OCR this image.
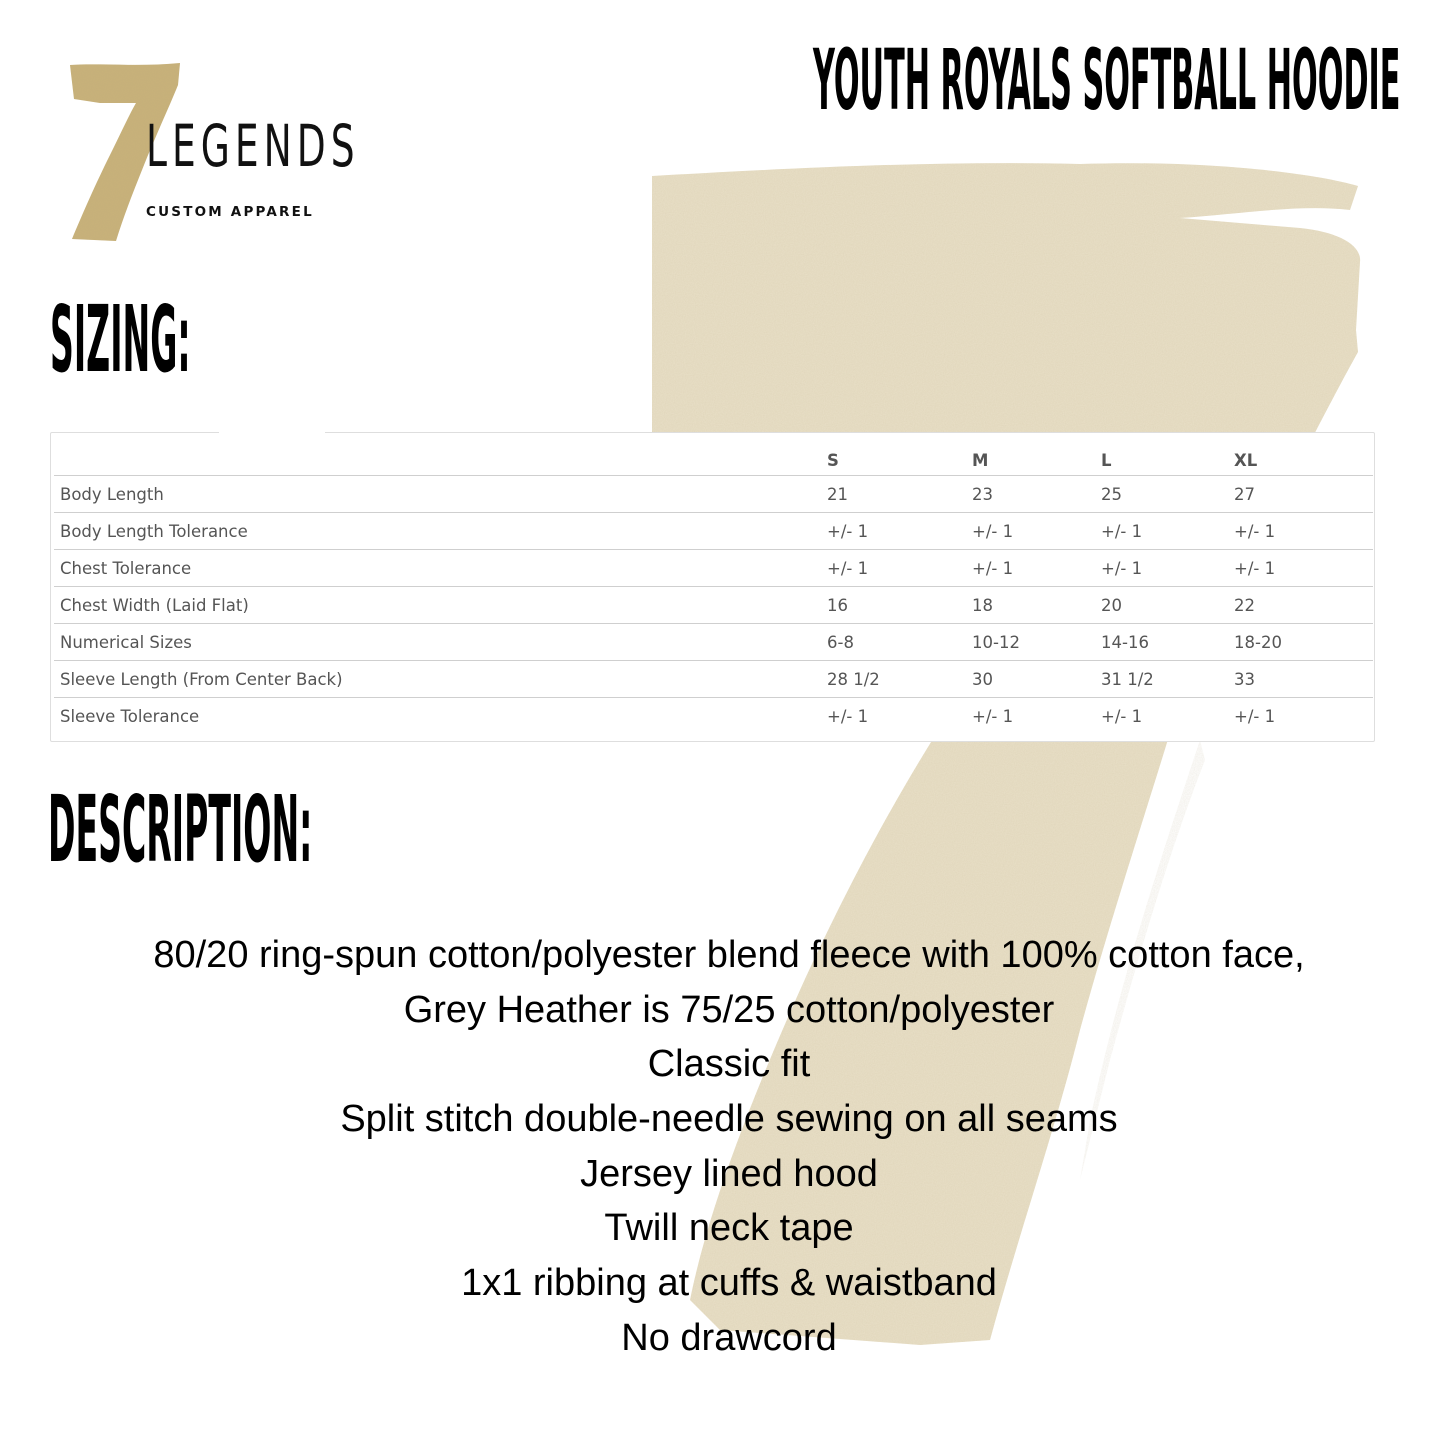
LEGENDS
CUSTOM APPAREL
YOUTH ROYALS SOFTBALL HOODIE
SIZING:
	S	M	L	XL
Body Length	21	23	25	27
Body Length Tolerance	+/- 1	+/- 1	+/- 1	+/- 1
Chest Tolerance	+/- 1	+/- 1	+/- 1	+/- 1
Chest Width (Laid Flat)	16	18	20	22
Numerical Sizes	6-8	10-12	14-16	18-20
Sleeve Length (From Center Back)	28 1/2	30	31 1/2	33
Sleeve Tolerance	+/- 1	+/- 1	+/- 1	+/- 1
DESCRIPTION:
80/20 ring-spun cotton/polyester blend fleece with 100% cotton face,
Grey Heather is 75/25 cotton/polyester
Classic fit
Split stitch double-needle sewing on all seams
Jersey lined hood
Twill neck tape
1x1 ribbing at cuffs & waistband
No drawcord
